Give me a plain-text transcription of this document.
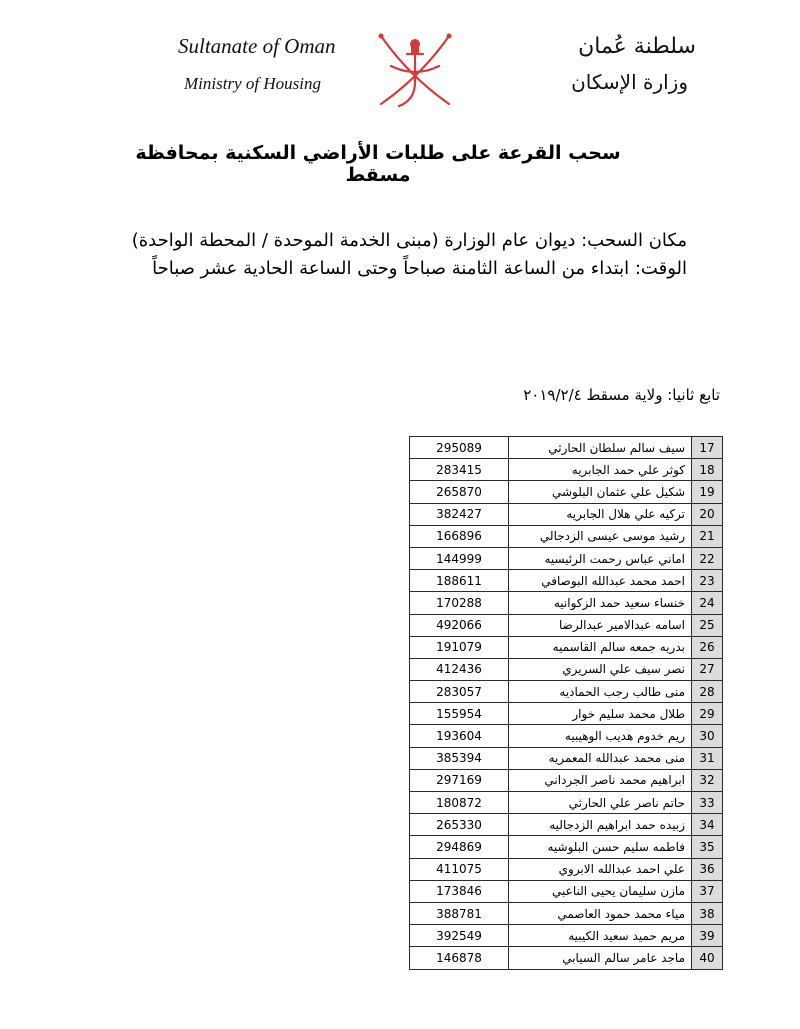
Sultanate of Oman
Ministry of Housing
سلطنة عُمان
وزارة الإسكان
سحب القرعة على طلبات الأراضي السكنية بمحافظة مسقط
مكان السحب: ديوان عام الوزارة (مبنى الخدمة الموحدة / المحطة الواحدة)
الوقت: ابتداء من الساعة الثامنة صباحاً وحتى الساعة الحادية عشر صباحاً
تابع ثانيا: ولاية مسقط ٢٠١٩/٢/٤
295089	سيف سالم سلطان الحارثي	17
283415	كوثر علي حمد الجابريه	18
265870	شكيل علي عثمان البلوشي	19
382427	تركيه علي هلال الجابريه	20
166896	رشيد موسى عيسى الزدجالي	21
144999	اماني عباس رحمت الرئيسيه	22
188611	احمد محمد عبدالله البوصافي	23
170288	خنساء سعيد حمد الزكوانيه	24
492066	اسامه عبدالامير عبدالرضا	25
191079	بدريه جمعه سالم القاسميه	26
412436	نصر سيف علي السريري	27
283057	منى طالب رجب الحماديه	28
155954	طلال محمد سليم خوار	29
193604	ريم خدوم هديب الوهيبيه	30
385394	منى محمد عبدالله المعمريه	31
297169	ابراهيم محمد ناصر الجرداني	32
180872	حاتم ناصر علي الحارثي	33
265330	زبيده حمد ابراهيم الزدجاليه	34
294869	فاطمه سليم حسن البلوشيه	35
411075	علي احمد عبدالله الابروي	36
173846	مازن سليمان يحيى الناعبي	37
388781	مياء محمد حمود العاصمي	38
392549	مريم حميد سعيد الكيبيه	39
146878	ماجد عامر سالم السيابي	40
